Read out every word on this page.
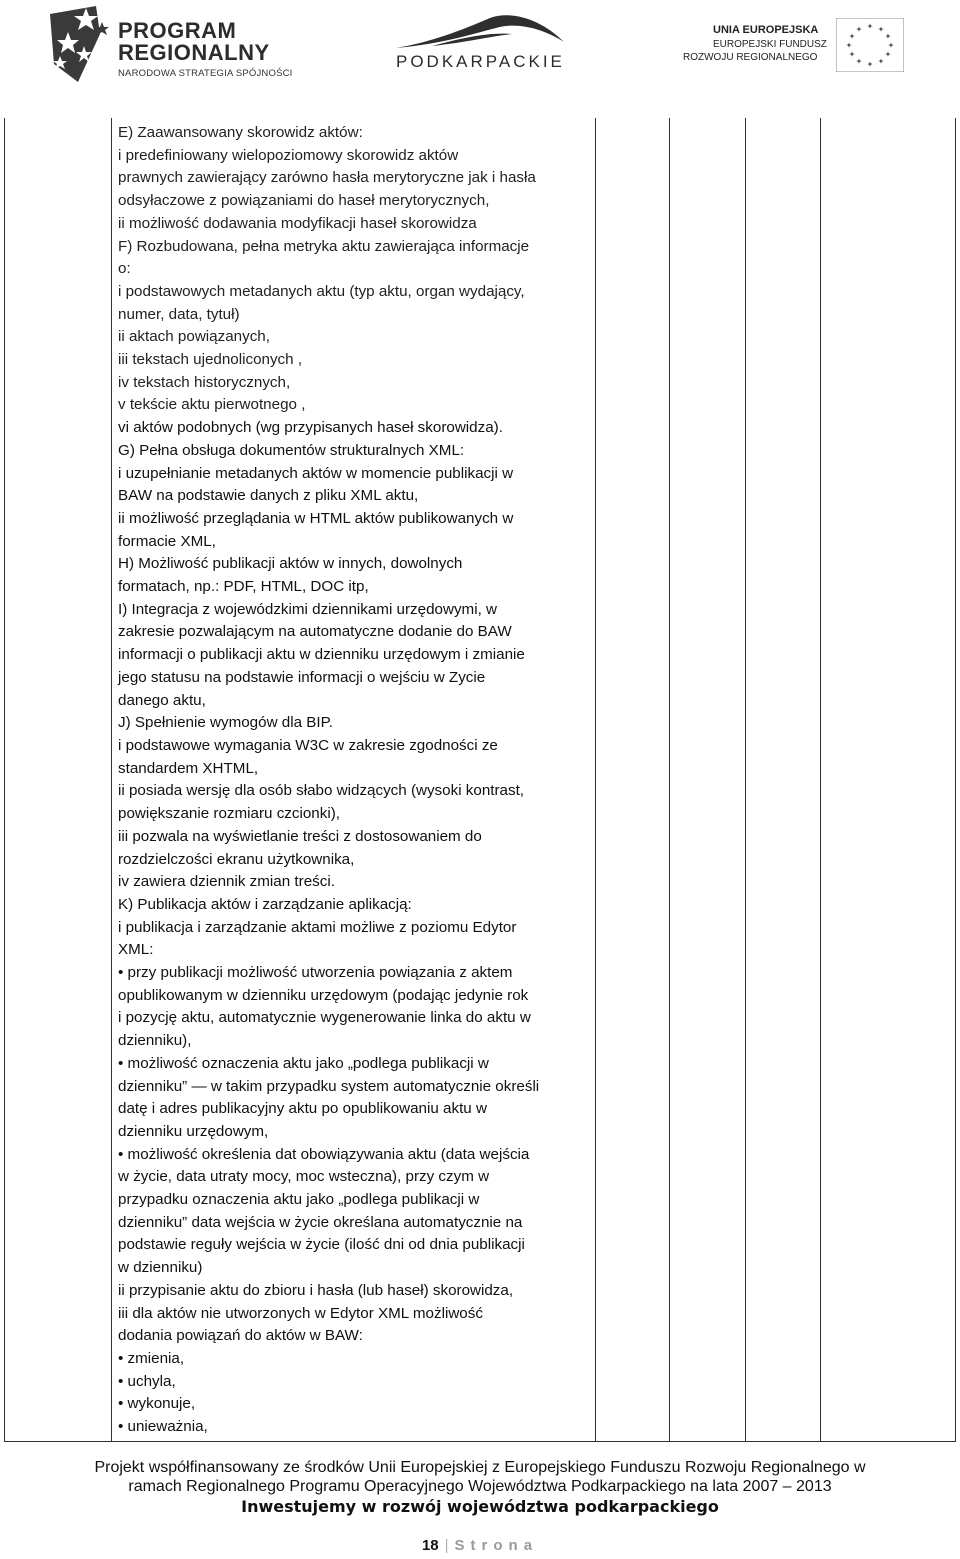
PROGRAM
REGIONALNY
NARODOWA STRATEGIA SPÓJNOŚCI
PODKARPACKIE
UNIA EUROPEJSKA
EUROPEJSKI FUNDUSZ
ROZWOJU REGIONALNEGO
✦ ✦
✦
✦
✦
✦
✦
✦
✦
✦
✦
✦
E) Zaawansowany skorowidz aktów:
i predefiniowany wielopoziomowy skorowidz aktów
prawnych zawierający zarówno hasła merytoryczne jak i hasła
odsyłaczowe z powiązaniami do haseł merytorycznych,
ii możliwość dodawania modyfikacji haseł skorowidza
F) Rozbudowana, pełna metryka aktu zawierająca informacje
o:
i podstawowych metadanych aktu (typ aktu, organ wydający,
numer, data, tytuł)
ii aktach powiązanych,
iii tekstach ujednoliconych ,
iv tekstach historycznych,
v tekście aktu pierwotnego ,
vi aktów podobnych (wg przypisanych haseł skorowidza).
G) Pełna obsługa dokumentów strukturalnych XML:
i uzupełnianie metadanych aktów w momencie publikacji w
BAW na podstawie danych z pliku XML aktu,
ii możliwość przeglądania w HTML aktów publikowanych w
formacie XML,
H) Możliwość publikacji aktów w innych, dowolnych
formatach, np.: PDF, HTML, DOC itp,
I) Integracja z wojewódzkimi dziennikami urzędowymi, w
zakresie pozwalającym na automatyczne dodanie do BAW
informacji o publikacji aktu w dzienniku urzędowym i zmianie
jego statusu na podstawie informacji o wejściu w Zycie
danego aktu,
J) Spełnienie wymogów dla BIP.
i podstawowe wymagania W3C w zakresie zgodności ze
standardem XHTML,
ii posiada wersję dla osób słabo widzących (wysoki kontrast,
powiększanie rozmiaru czcionki),
iii pozwala na wyświetlanie treści z dostosowaniem do
rozdzielczości ekranu użytkownika,
iv zawiera dziennik zmian treści.
K) Publikacja aktów i zarządzanie aplikacją:
i publikacja i zarządzanie aktami możliwe z poziomu Edytor
XML:
• przy publikacji możliwość utworzenia powiązania z aktem
opublikowanym w dzienniku urzędowym (podając jedynie rok
i pozycję aktu, automatycznie wygenerowanie linka do aktu w
dzienniku),
• możliwość oznaczenia aktu jako „podlega publikacji w
dzienniku” — w takim przypadku system automatycznie określi
datę i adres publikacyjny aktu po opublikowaniu aktu w
dzienniku urzędowym,
• możliwość określenia dat obowiązywania aktu (data wejścia
w życie, data utraty mocy, moc wsteczna), przy czym w
przypadku oznaczenia aktu jako „podlega publikacji w
dzienniku” data wejścia w życie określana automatycznie na
podstawie reguły wejścia w życie (ilość dni od dnia publikacji
w dzienniku)
ii przypisanie aktu do zbioru i hasła (lub haseł) skorowidza,
iii dla aktów nie utworzonych w Edytor XML możliwość
dodania powiązań do aktów w BAW:
• zmienia,
• uchyla,
• wykonuje,
• unieważnia,
Projekt współfinansowany ze środków Unii Europejskiej z Europejskiego Funduszu Rozwoju Regionalnego w
ramach Regionalnego Programu Operacyjnego Województwa Podkarpackiego na lata 2007 – 2013
Inwestujemy w rozwój województwa podkarpackiego
18 | Strona
